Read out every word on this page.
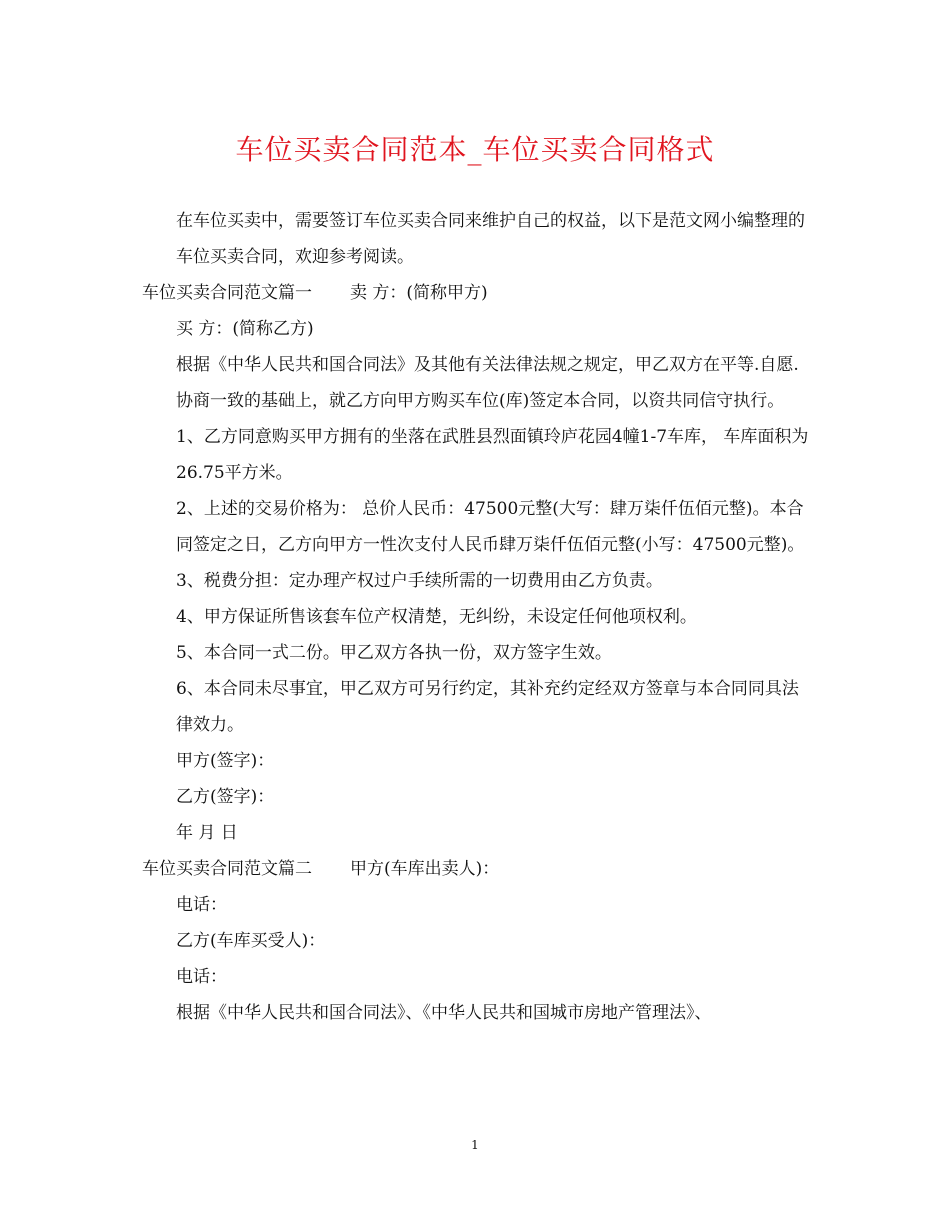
车位买卖合同范本_车位买卖合同格式

在车位买卖中，需要签订车位买卖合同来维护自己的权益，以下是范文网小编整理的车位买卖合同，欢迎参考阅读。

车位买卖合同范文篇一 卖 方：(简称甲方)

买 方：(简称乙方)

根据《中华人民共和国合同法》及其他有关法律法规之规定，甲乙双方在平等.自愿.协商一致的基础上，就乙方向甲方购买车位(库)签定本合同，以资共同信守执行。

1、乙方同意购买甲方拥有的坐落在武胜县烈面镇玲庐花园4幢1-7车库， 车库面积为26.75平方米。

2、上述的交易价格为： 总价人民币：47500元整(大写：肆万柒仟伍佰元整)。本合同签定之日，乙方向甲方一性次支付人民币肆万柒仟伍佰元整(小写：47500元整)。

3、税费分担：定办理产权过户手续所需的一切费用由乙方负责。

4、甲方保证所售该套车位产权清楚，无纠纷，未设定任何他项权利。

5、本合同一式二份。甲乙双方各执一份，双方签字生效。

6、本合同未尽事宜，甲乙双方可另行约定，其补充约定经双方签章与本合同同具法律效力。

甲方(签字)：

乙方(签字)：

年 月 日

车位买卖合同范文篇二 甲方(车库出卖人)：

电话：

乙方(车库买受人)：

电话：

根据《中华人民共和国合同法》、《中华人民共和国城市房地产管理法》、

1
